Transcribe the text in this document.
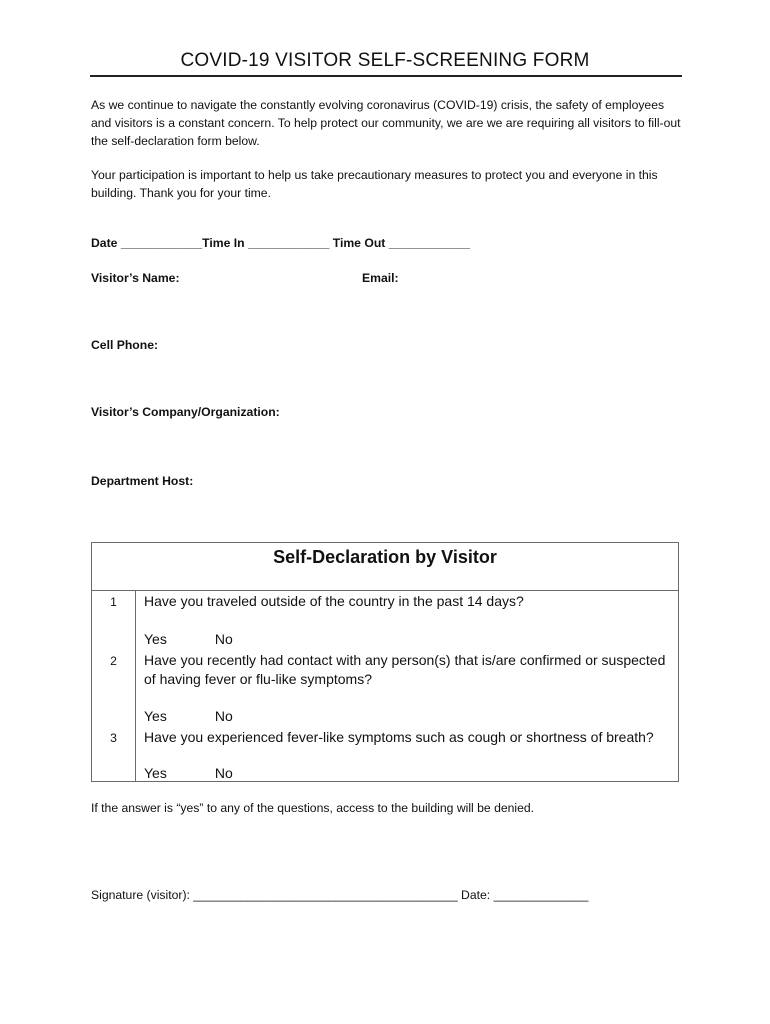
COVID-19 VISITOR SELF-SCREENING FORM

As we continue to navigate the constantly evolving coronavirus (COVID-19) crisis, the safety of employees and visitors is a constant concern. To help protect our community, we are we are requiring all visitors to fill-out the self-declaration form below.

Your participation is important to help us take precautionary measures to protect you and everyone in this building. Thank you for your time.

Date ____________Time In ____________ Time Out ____________
Visitor’s Name:	Email:
Cell Phone:
Visitor’s Company/Organization:
Department Host:
Self-Declaration by Visitor
1	Have you traveled outside of the country in the past 14 days?
Yes	No
2	Have you recently had contact with any person(s) that is/are confirmed or suspected of having fever or flu-like symptoms?
Yes	No
3	Have you experienced fever-like symptoms such as cough or shortness of breath?
Yes	No
If the answer is “yes” to any of the questions, access to the building will be denied.
Signature (visitor): _______________________________________ Date: ______________
